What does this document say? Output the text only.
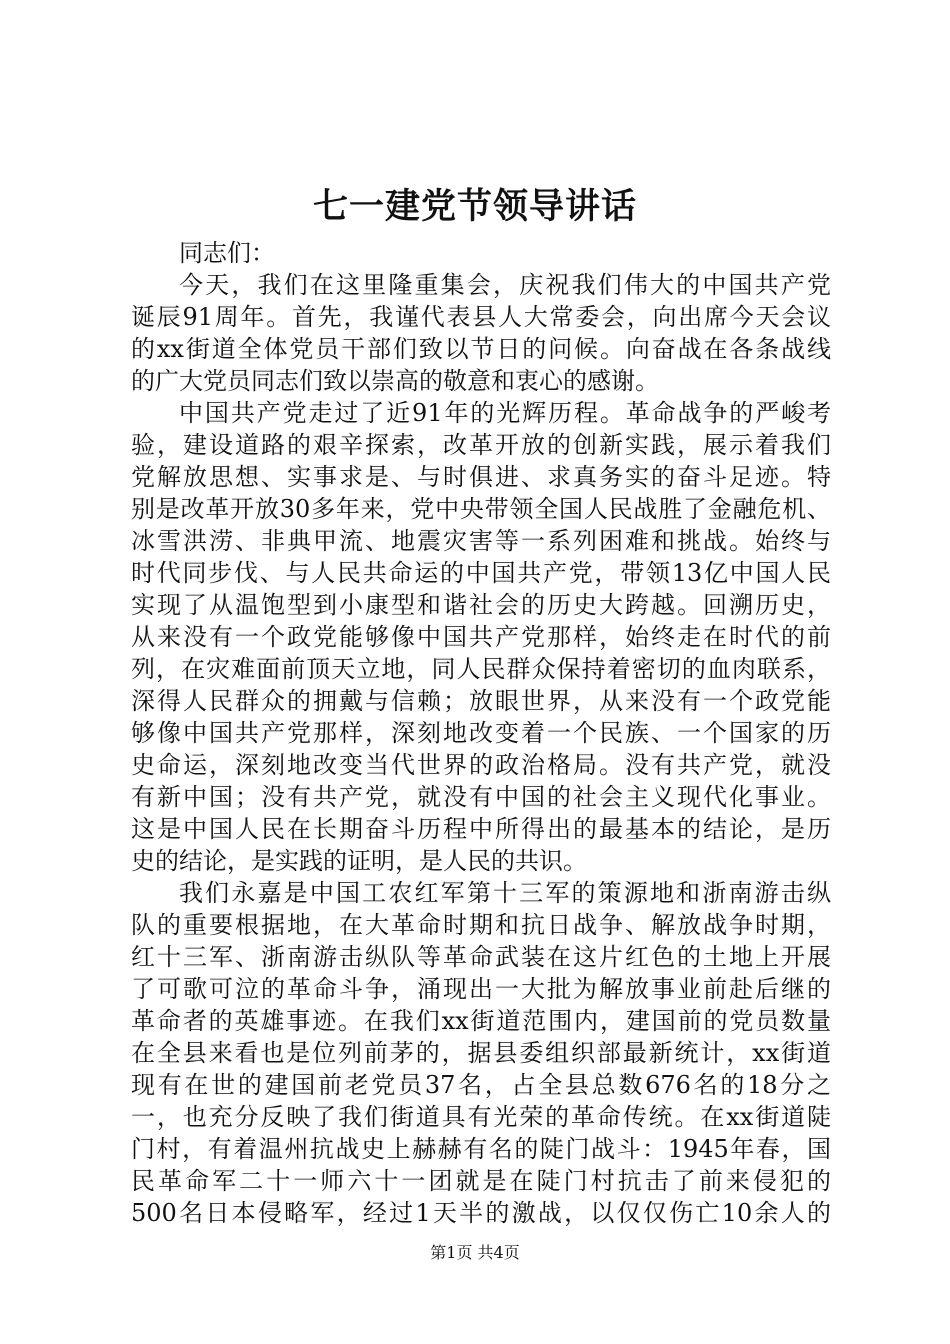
七一建党节领导讲话
同志们：
今天，我们在这里隆重集会，庆祝我们伟大的中国共产党
诞辰91周年。首先，我谨代表县人大常委会，向出席今天会议
的xx街道全体党员干部们致以节日的问候。向奋战在各条战线
的广大党员同志们致以崇高的敬意和衷心的感谢。
中国共产党走过了近91年的光辉历程。革命战争的严峻考
验，建设道路的艰辛探索，改革开放的创新实践，展示着我们
党解放思想、实事求是、与时俱进、求真务实的奋斗足迹。特
别是改革开放30多年来，党中央带领全国人民战胜了金融危机、
冰雪洪涝、非典甲流、地震灾害等一系列困难和挑战。始终与
时代同步伐、与人民共命运的中国共产党，带领13亿中国人民
实现了从温饱型到小康型和谐社会的历史大跨越。回溯历史，
从来没有一个政党能够像中国共产党那样，始终走在时代的前
列，在灾难面前顶天立地，同人民群众保持着密切的血肉联系，
深得人民群众的拥戴与信赖；放眼世界，从来没有一个政党能
够像中国共产党那样，深刻地改变着一个民族、一个国家的历
史命运，深刻地改变当代世界的政治格局。没有共产党，就没
有新中国；没有共产党，就没有中国的社会主义现代化事业。
这是中国人民在长期奋斗历程中所得出的最基本的结论，是历
史的结论，是实践的证明，是人民的共识。
我们永嘉是中国工农红军第十三军的策源地和浙南游击纵
队的重要根据地，在大革命时期和抗日战争、解放战争时期，
红十三军、浙南游击纵队等革命武装在这片红色的土地上开展
了可歌可泣的革命斗争，涌现出一大批为解放事业前赴后继的
革命者的英雄事迹。在我们xx街道范围内，建国前的党员数量
在全县来看也是位列前茅的，据县委组织部最新统计，xx街道
现有在世的建国前老党员37名，占全县总数676名的18分之
一，也充分反映了我们街道具有光荣的革命传统。在xx街道陡
门村，有着温州抗战史上赫赫有名的陡门战斗：1945年春，国
民革命军二十一师六十一团就是在陡门村抗击了前来侵犯的
500名日本侵略军，经过1天半的激战，以仅仅伤亡10余人的
第1页 共4页
